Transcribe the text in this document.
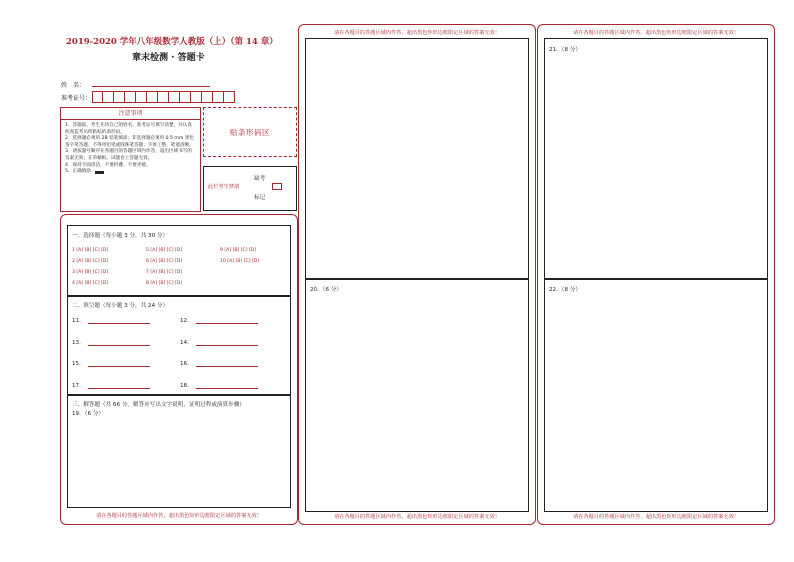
2019-2020 学年八年级数学人教版（上）（第 14 章）
章末检测 · 答题卡
姓　名：
准考证号：
注意事项
1．答题前，考生先将自己的姓名、准考证号填写清楚，并认真检查监考员所粘贴的条形码。
2．选择题必须用 2B 铅笔填涂；非选择题必须用 0.5 mm 黑色签字笔答题，不得用铅笔或圆珠笔答题；字体工整、笔迹清晰。
3．请按题号顺序在各题目的答题区域内作答，超出区域书写的答案无效；在草稿纸、试题卷上答题无效。
4．保持卡面清洁，不要折叠、不要弄破。
5．正确填涂
贴条形码区
缺考
此栏考生禁填
标记
一、选择题（每小题 3 分，共 30 分）
1 [A] [B] [C] [D]	5 [A] [B] [C] [D]	9 [A] [B] [C] [D]
2 [A] [B] [C] [D]	6 [A] [B] [C] [D]	10 [A] [B] [C] [D]
3 [A] [B] [C] [D]	7 [A] [B] [C] [D]
4 [A] [B] [C] [D]	8 [A] [B] [C] [D]
二、填空题（每小题 3 分，共 24 分）
11．	12．
13．	14．
15．	16．
17．	18．
三、解答题（共 66 分。解答应写出文字说明、证明过程或演算步骤）
19．（6 分）
请在各题目的答题区域内作答，超出黑色矩形边框限定区域的答案无效！
请在各题目的答题区域内作答，超出黑色矩形边框限定区域的答案无效！
20．（6 分）
请在各题目的答题区域内作答，超出黑色矩形边框限定区域的答案无效！
请在各题目的答题区域内作答，超出黑色矩形边框限定区域的答案无效！
21．（8 分）
22．（8 分）
请在各题目的答题区域内作答，超出黑色矩形边框限定区域的答案无效！
